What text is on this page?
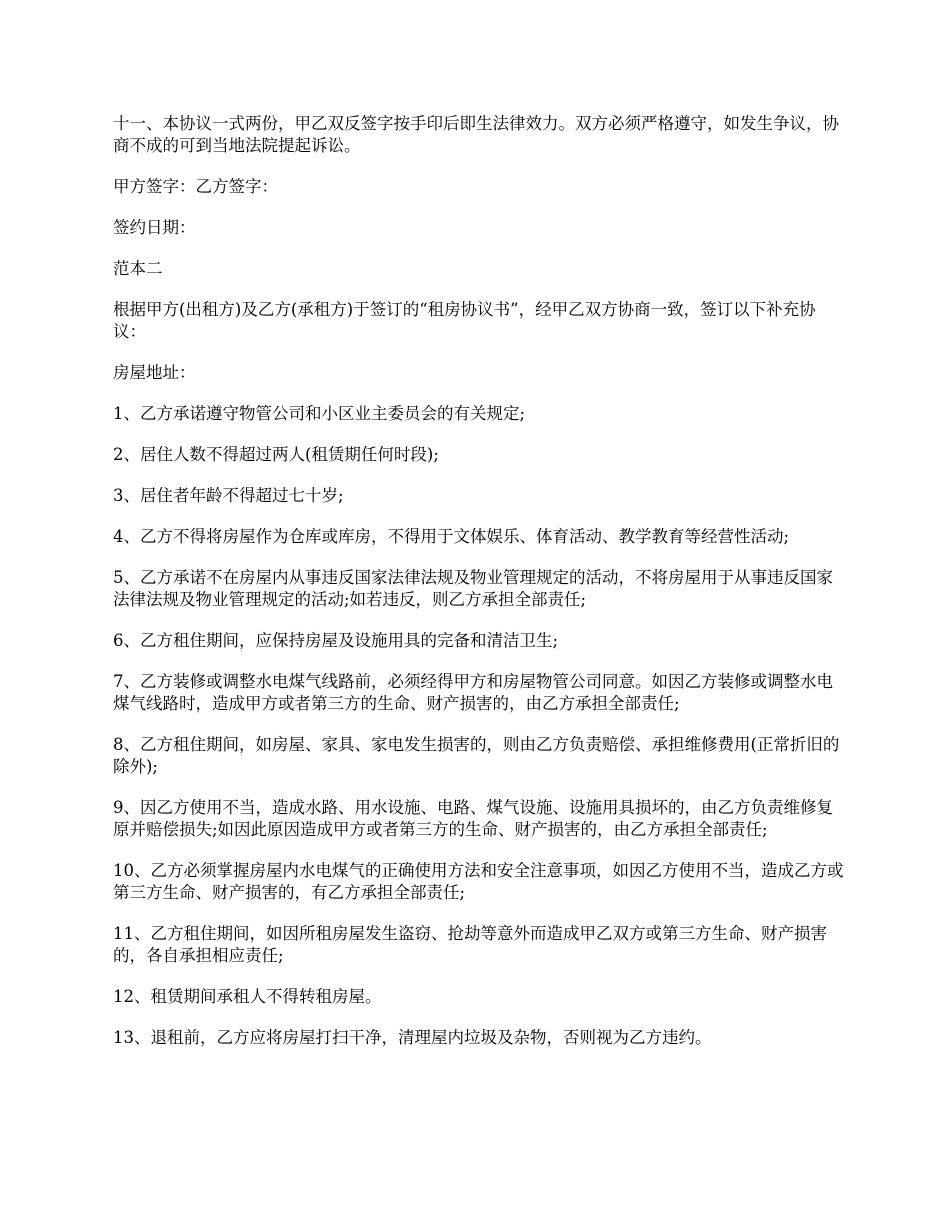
十一、本协议一式两份，甲乙双反签字按手印后即生法律效力。双方必须严格遵守，如发生争议，协商不成的可到当地法院提起诉讼。

甲方签字：乙方签字：

签约日期：

范本二

根据甲方(出租方)及乙方(承租方)于签订的“租房协议书”，经甲乙双方协商一致，签订以下补充协议：

房屋地址：

1、乙方承诺遵守物管公司和小区业主委员会的有关规定;

2、居住人数不得超过两人(租赁期任何时段);

3、居住者年龄不得超过七十岁;

4、乙方不得将房屋作为仓库或库房，不得用于文体娱乐、体育活动、教学教育等经营性活动;

5、乙方承诺不在房屋内从事违反国家法律法规及物业管理规定的活动，不将房屋用于从事违反国家法律法规及物业管理规定的活动;如若违反，则乙方承担全部责任;

6、乙方租住期间，应保持房屋及设施用具的完备和清洁卫生;

7、乙方装修或调整水电煤气线路前，必须经得甲方和房屋物管公司同意。如因乙方装修或调整水电煤气线路时，造成甲方或者第三方的生命、财产损害的，由乙方承担全部责任;

8、乙方租住期间，如房屋、家具、家电发生损害的，则由乙方负责赔偿、承担维修费用(正常折旧的除外);

9、因乙方使用不当，造成水路、用水设施、电路、煤气设施、设施用具损坏的，由乙方负责维修复原并赔偿损失;如因此原因造成甲方或者第三方的生命、财产损害的，由乙方承担全部责任;

10、乙方必须掌握房屋内水电煤气的正确使用方法和安全注意事项，如因乙方使用不当，造成乙方或第三方生命、财产损害的，有乙方承担全部责任;

11、乙方租住期间，如因所租房屋发生盗窃、抢劫等意外而造成甲乙双方或第三方生命、财产损害的，各自承担相应责任;

12、租赁期间承租人不得转租房屋。

13、退租前，乙方应将房屋打扫干净，清理屋内垃圾及杂物，否则视为乙方违约。
